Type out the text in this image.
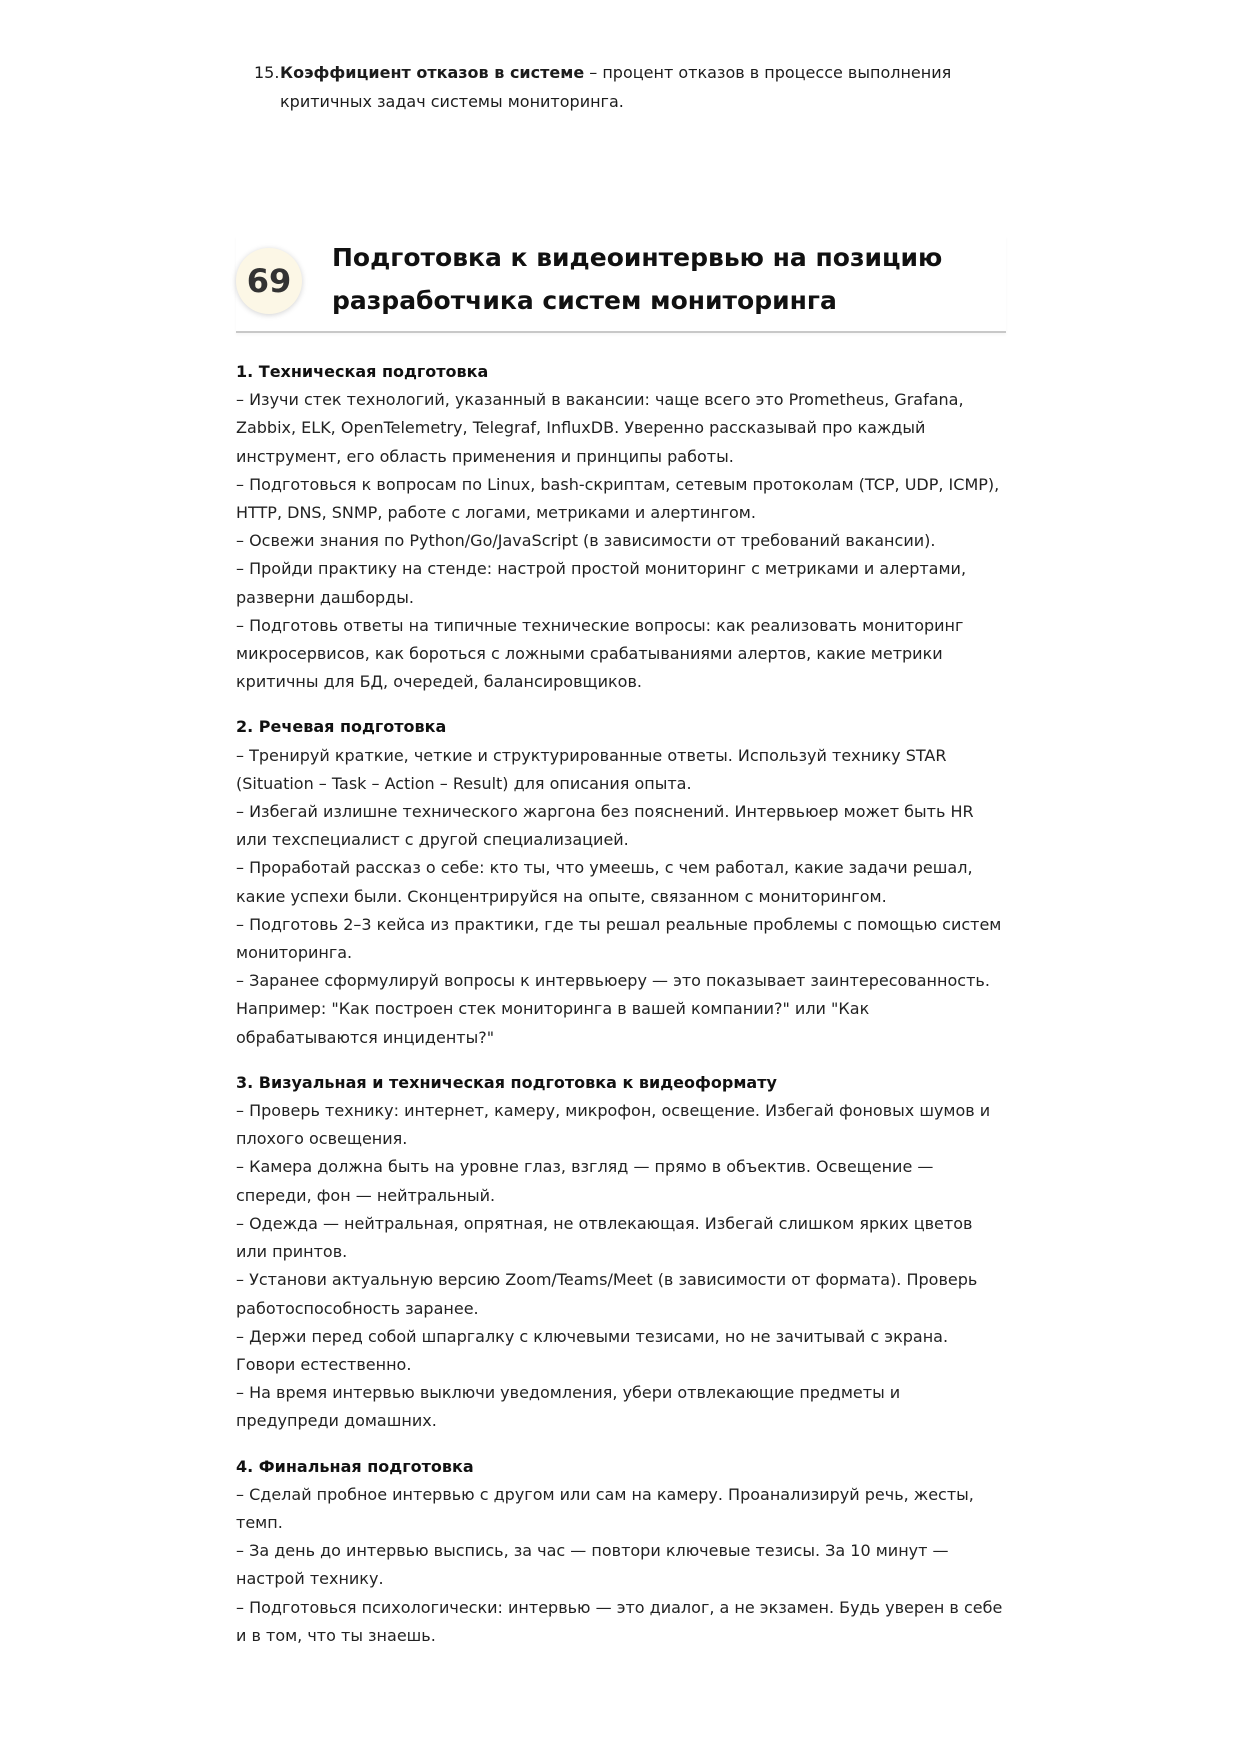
15. Коэффициент отказов в системе – процент отказов в процессе выполнения критичных задач системы мониторинга.
69
Подготовка к видеоинтервью на позицию разработчика систем мониторинга
1. Техническая подготовка

– Изучи стек технологий, указанный в вакансии: чаще всего это Prometheus, Grafana, Zabbix, ELK, OpenTelemetry, Telegraf, InfluxDB. Уверенно рассказывай про каждый инструмент, его область применения и принципы работы.

– Подготовься к вопросам по Linux, bash-скриптам, сетевым протоколам (TCP, UDP, ICMP), HTTP, DNS, SNMP, работе с логами, метриками и алертингом.

– Освежи знания по Python/Go/JavaScript (в зависимости от требований вакансии).

– Пройди практику на стенде: настрой простой мониторинг с метриками и алертами, разверни дашборды.

– Подготовь ответы на типичные технические вопросы: как реализовать мониторинг микросервисов, как бороться с ложными срабатываниями алертов, какие метрики критичны для БД, очередей, балансировщиков.

2. Речевая подготовка

– Тренируй краткие, четкие и структурированные ответы. Используй технику STAR (Situation – Task – Action – Result) для описания опыта.

– Избегай излишне технического жаргона без пояснений. Интервьюер может быть HR или техспециалист с другой специализацией.

– Проработай рассказ о себе: кто ты, что умеешь, с чем работал, какие задачи решал, какие успехи были. Сконцентрируйся на опыте, связанном с мониторингом.

– Подготовь 2–3 кейса из практики, где ты решал реальные проблемы с помощью систем мониторинга.

– Заранее сформулируй вопросы к интервьюеру — это показывает заинтересованность. Например: "Как построен стек мониторинга в вашей компании?" или "Как обрабатываются инциденты?"

3. Визуальная и техническая подготовка к видеоформату

– Проверь технику: интернет, камеру, микрофон, освещение. Избегай фоновых шумов и плохого освещения.

– Камера должна быть на уровне глаз, взгляд — прямо в объектив. Освещение — спереди, фон — нейтральный.

– Одежда — нейтральная, опрятная, не отвлекающая. Избегай слишком ярких цветов или принтов.

– Установи актуальную версию Zoom/Teams/Meet (в зависимости от формата). Проверь работоспособность заранее.

– Держи перед собой шпаргалку с ключевыми тезисами, но не зачитывай с экрана. Говори естественно.

– На время интервью выключи уведомления, убери отвлекающие предметы и предупреди домашних.

4. Финальная подготовка

– Сделай пробное интервью с другом или сам на камеру. Проанализируй речь, жесты, темп.

– За день до интервью выспись, за час — повтори ключевые тезисы. За 10 минут — настрой технику.

– Подготовься психологически: интервью — это диалог, а не экзамен. Будь уверен в себе и в том, что ты знаешь.
